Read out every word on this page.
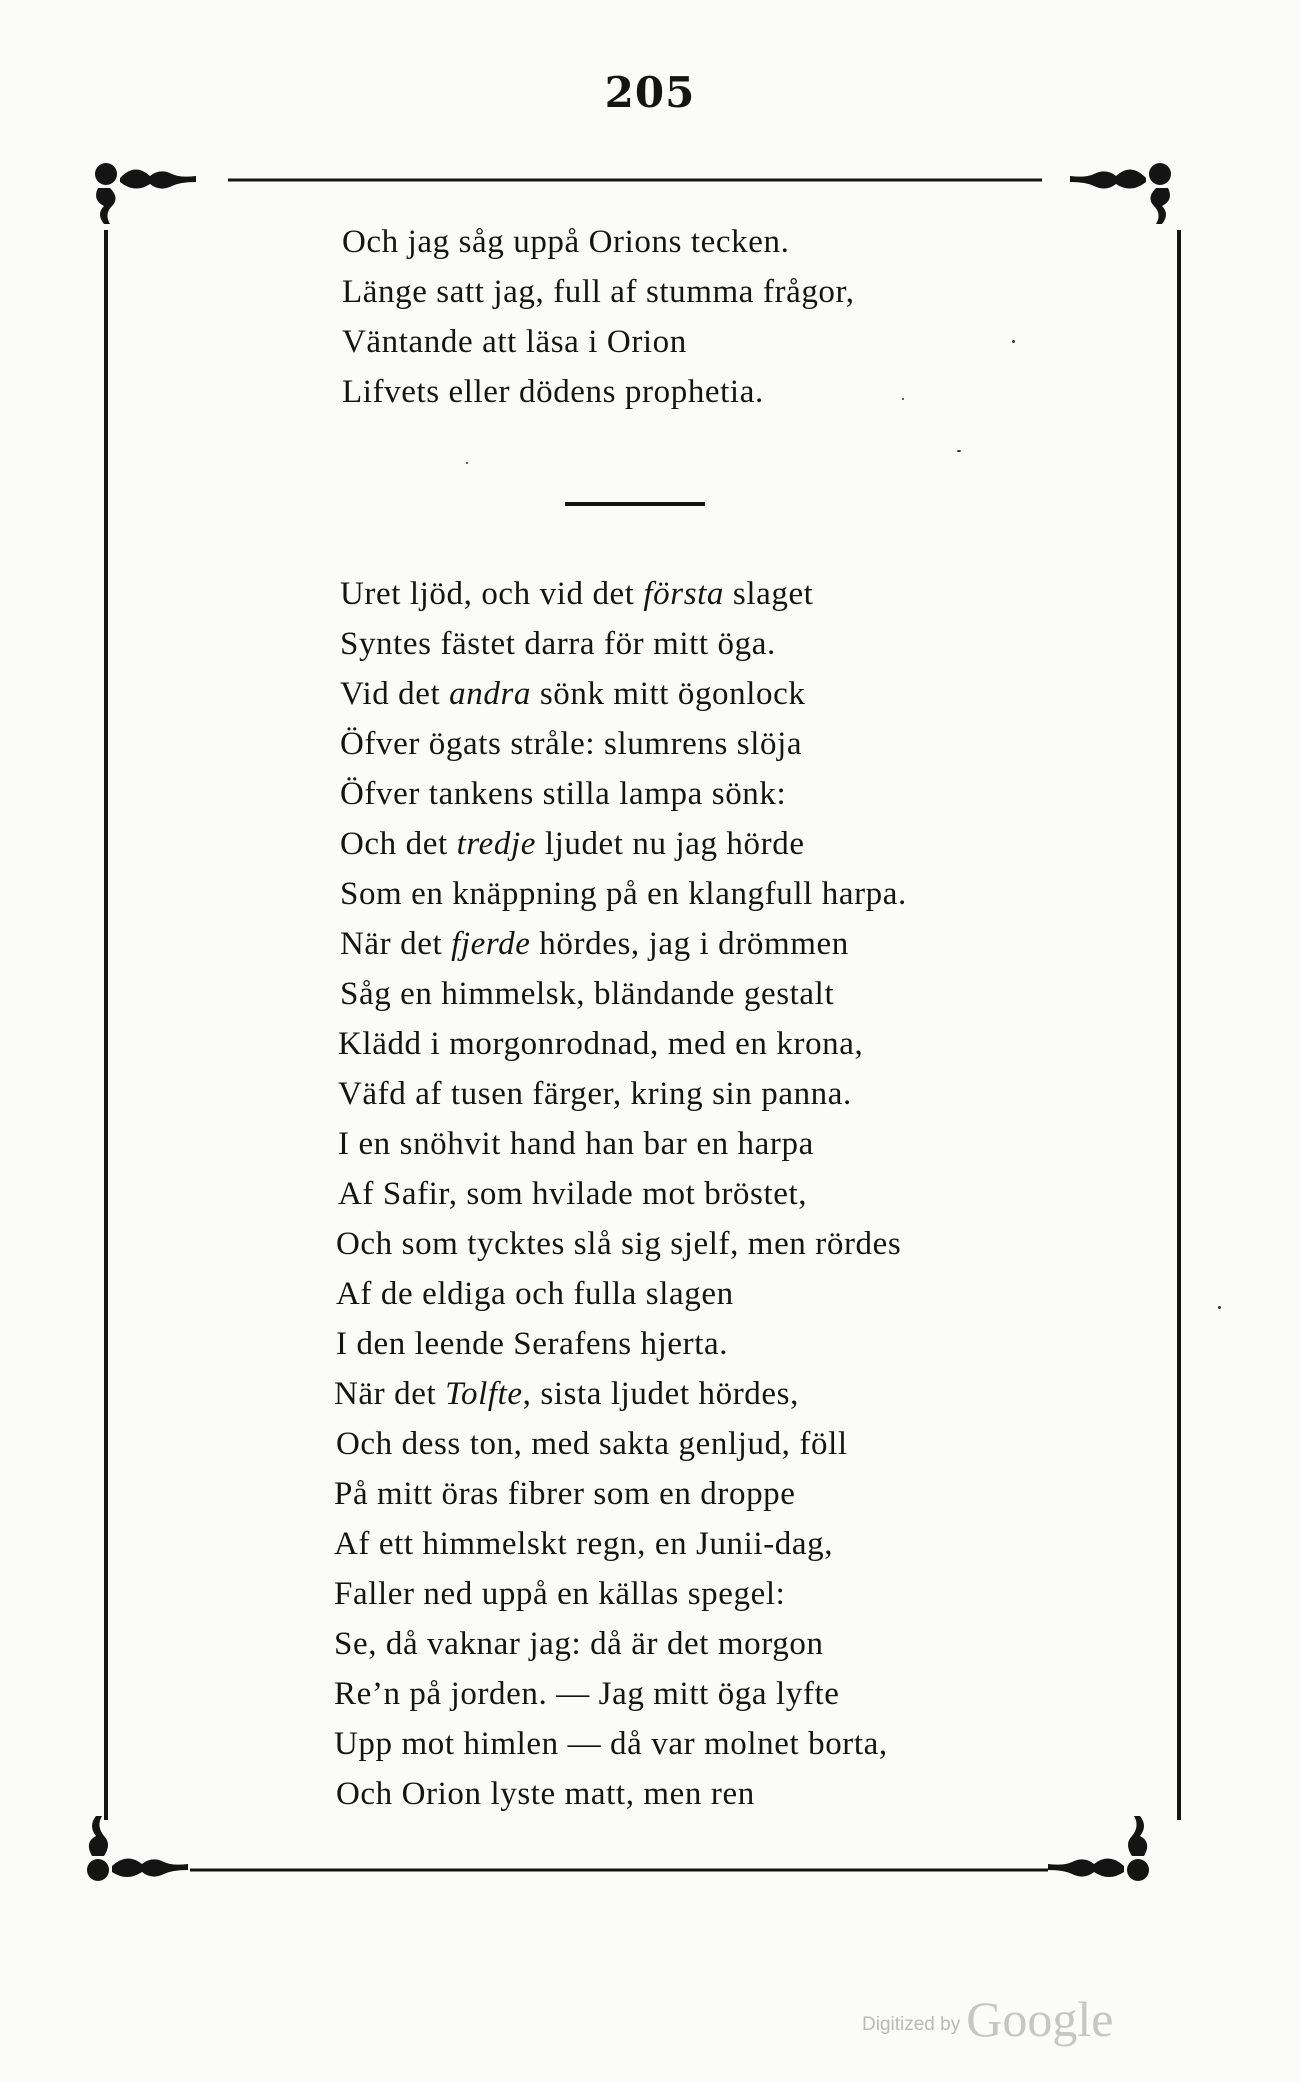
205
Och jag såg uppå Orions tecken.
Länge satt jag, full af stumma frågor,
Väntande att läsa i Orion
Lifvets eller dödens prophetia.
Uret ljöd, och vid det första slaget
Syntes fästet darra för mitt öga.
Vid det andra sönk mitt ögonlock
Öfver ögats stråle: slumrens slöja
Öfver tankens stilla lampa sönk:
Och det tredje ljudet nu jag hörde
Som en knäppning på en klangfull harpa.
När det fjerde hördes, jag i drömmen
Såg en himmelsk, bländande gestalt
Klädd i morgonrodnad, med en krona,
Väfd af tusen färger, kring sin panna.
I en snöhvit hand han bar en harpa
Af Safir, som hvilade mot bröstet,
Och som tycktes slå sig sjelf, men rördes
Af de eldiga och fulla slagen
I den leende Serafens hjerta.
När det Tolfte, sista ljudet hördes,
Och dess ton, med sakta genljud, föll
På mitt öras fibrer som en droppe
Af ett himmelskt regn, en Junii-dag,
Faller ned uppå en källas spegel:
Se, då vaknar jag: då är det morgon
Re’n på jorden. — Jag mitt öga lyfte
Upp mot himlen — då var molnet borta,
Och Orion lyste matt, men ren
Digitized by Google
